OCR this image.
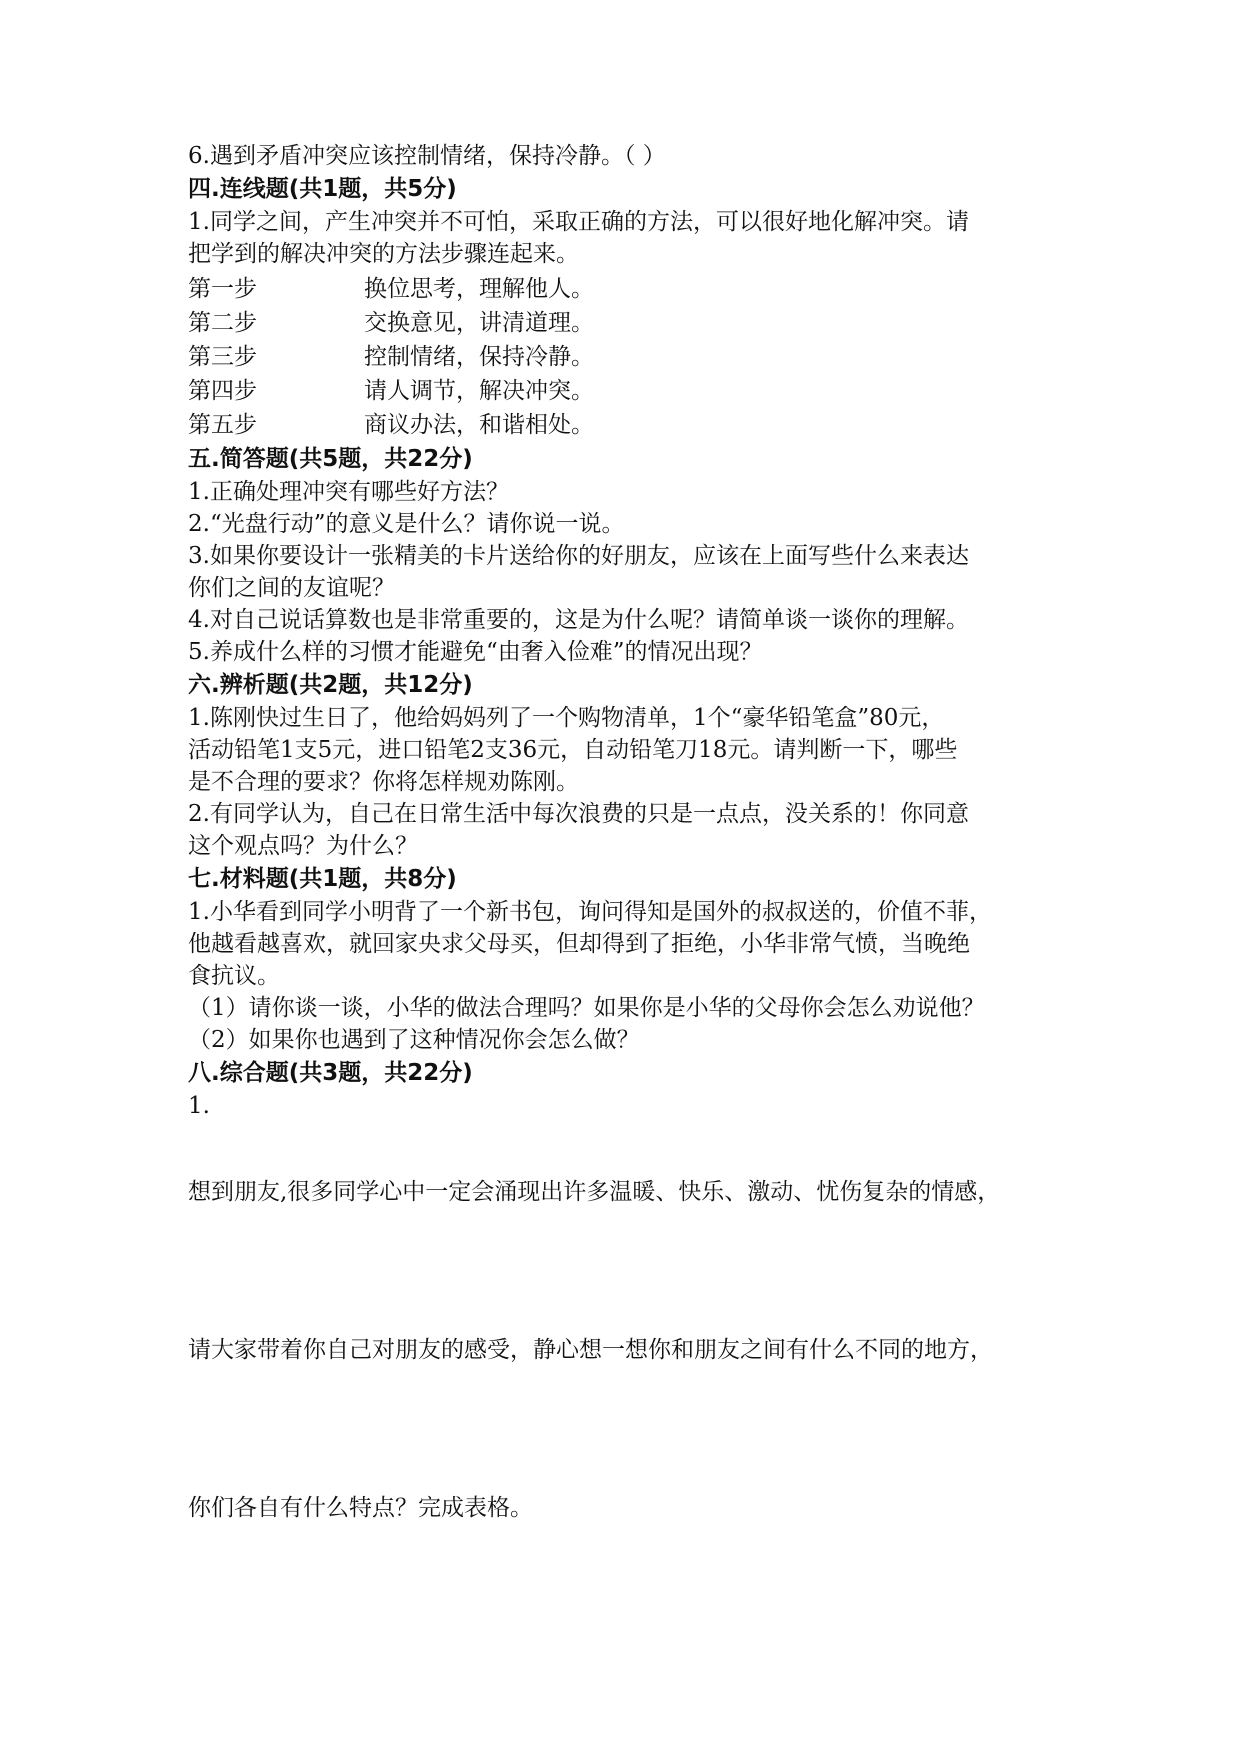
6.遇到矛盾冲突应该控制情绪，保持冷静。（ ）
四.连线题(共1题，共5分)
1.同学之间，产生冲突并不可怕，采取正确的方法，可以很好地化解冲突。请
把学到的解决冲突的方法步骤连起来。
第一步	换位思考，理解他人。
第二步	交换意见，讲清道理。
第三步	控制情绪，保持冷静。
第四步	请人调节，解决冲突。
第五步	商议办法，和谐相处。
五.简答题(共5题，共22分)
1.正确处理冲突有哪些好方法？
2.“光盘行动”的意义是什么？请你说一说。
3.如果你要设计一张精美的卡片送给你的好朋友，应该在上面写些什么来表达
你们之间的友谊呢？
4.对自己说话算数也是非常重要的，这是为什么呢？请简单谈一谈你的理解。
5.养成什么样的习惯才能避免“由奢入俭难”的情况出现？
六.辨析题(共2题，共12分)
1.陈刚快过生日了，他给妈妈列了一个购物清单，1个“豪华铅笔盒”80元，
活动铅笔1支5元，进口铅笔2支36元，自动铅笔刀18元。请判断一下，哪些
是不合理的要求？你将怎样规劝陈刚。
2.有同学认为，自己在日常生活中每次浪费的只是一点点，没关系的！你同意
这个观点吗？为什么？
七.材料题(共1题，共8分)
1.小华看到同学小明背了一个新书包，询问得知是国外的叔叔送的，价值不菲，
他越看越喜欢，就回家央求父母买，但却得到了拒绝，小华非常气愤，当晚绝
食抗议。
（1）请你谈一谈，小华的做法合理吗？如果你是小华的父母你会怎么劝说他？
（2）如果你也遇到了这种情况你会怎么做？
八.综合题(共3题，共22分)
1.
想到朋友,很多同学心中一定会涌现出许多温暖、快乐、激动、忧伤复杂的情感，
请大家带着你自己对朋友的感受，静心想一想你和朋友之间有什么不同的地方，
你们各自有什么特点？完成表格。
